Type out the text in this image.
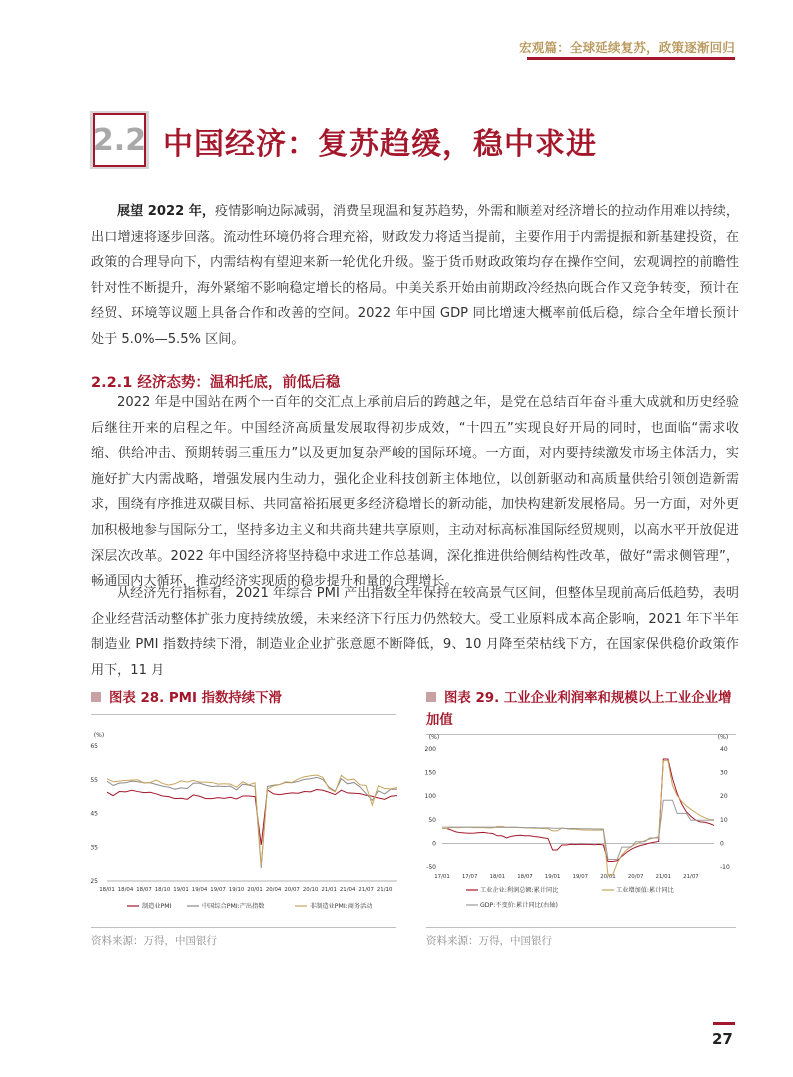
宏观篇：全球延续复苏，政策逐渐回归
2.2 中国经济：复苏趋缓，稳中求进
展望 2022 年，疫情影响边际减弱，消费呈现温和复苏趋势，外需和顺差对经济增长的拉动作用难以持续，出口增速将逐步回落。流动性环境仍将合理充裕，财政发力将适当提前，主要作用于内需提振和新基建投资，在政策的合理导向下，内需结构有望迎来新一轮优化升级。鉴于货币财政政策均存在操作空间，宏观调控的前瞻性针对性不断提升，海外紧缩不影响稳定增长的格局。中美关系开始由前期政冷经热向既合作又竞争转变，预计在经贸、环境等议题上具备合作和改善的空间。2022 年中国 GDP 同比增速大概率前低后稳，综合全年增长预计处于 5.0%—5.5% 区间。
2.2.1 经济态势：温和托底，前低后稳
2022 年是中国站在两个一百年的交汇点上承前启后的跨越之年，是党在总结百年奋斗重大成就和历史经验后继往开来的启程之年。中国经济高质量发展取得初步成效，“十四五”实现良好开局的同时，也面临“需求收缩、供给冲击、预期转弱三重压力”以及更加复杂严峻的国际环境。一方面，对内要持续激发市场主体活力，实施好扩大内需战略，增强发展内生动力，强化企业科技创新主体地位，以创新驱动和高质量供给引领创造新需求，围绕有序推进双碳目标、共同富裕拓展更多经济稳增长的新动能，加快构建新发展格局。另一方面，对外更加积极地参与国际分工，坚持多边主义和共商共建共享原则，主动对标高标准国际经贸规则，以高水平开放促进深层次改革。2022 年中国经济将坚持稳中求进工作总基调，深化推进供给侧结构性改革，做好“需求侧管理”，畅通国内大循环，推动经济实现质的稳步提升和量的合理增长。
从经济先行指标看，2021 年综合 PMI 产出指数全年保持在较高景气区间，但整体呈现前高后低趋势，表明企业经营活动整体扩张力度持续放缓，未来经济下行压力仍然较大。受工业原料成本高企影响，2021 年下半年制造业 PMI 指数持续下滑，制造业企业扩张意愿不断降低，9、10 月降至荣枯线下方，在国家保供稳价政策作用下，11 月
图表 28. PMI 指数持续下滑
(%)
65
55
45
35
25
18/01 18/04 18/07 18/10 19/01 19/04 19/07 19/10 20/01 20/04 20/07 20/10 21/01 21/04 21/07 21/10
制造业PMI	中国综合PMI:产出指数	非制造业PMI:商务活动
资料来源：万得，中国银行
图表 29. 工业企业利润率和规模以上工业企业增
加值
(%)	(%)
200
150
100
50
0
-50
40
30
20
10
0
-10
17/01 17/07 18/01 18/07 19/01 19/07 20/01 20/07 21/01 21/07
工业企业:利润总额:累计同比	工业增加值:累计同比
GDP:不变价:累计同比(右轴)
资料来源：万得，中国银行
27
